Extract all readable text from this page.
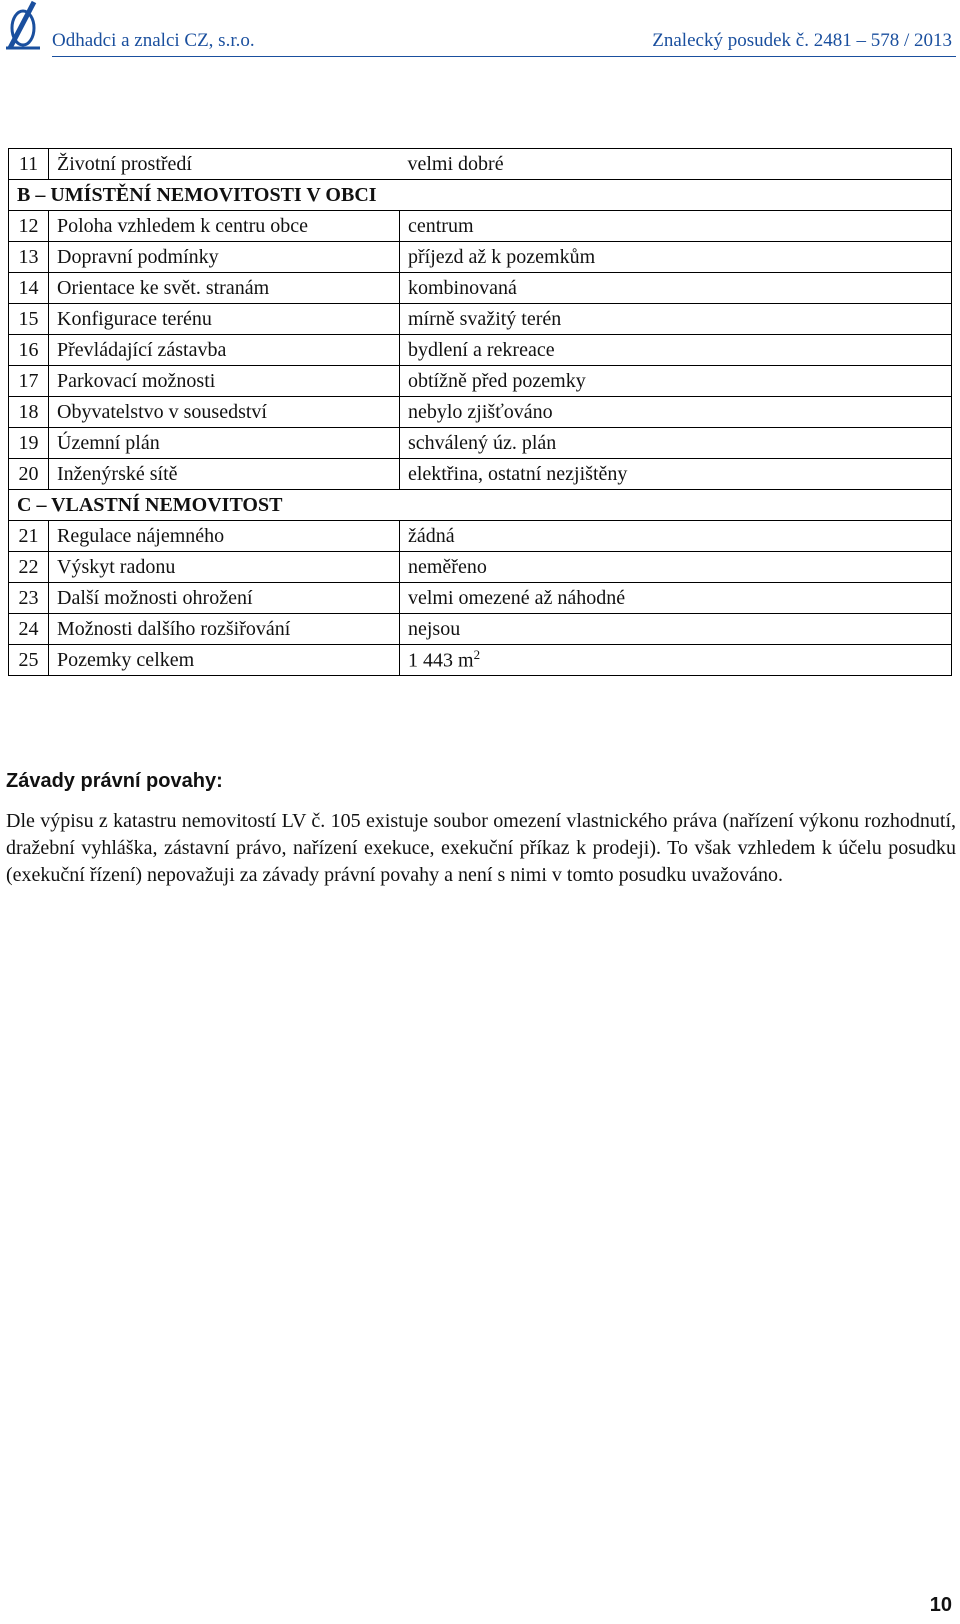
Odhadci a znalci CZ, s.r.o.	Znalecký posudek č. 2481 – 578 / 2013
11	Životní prostředí	velmi dobré
B – UMÍSTĚNÍ NEMOVITOSTI V OBCI		
12	Poloha vzhledem k centru obce	centrum
13	Dopravní podmínky	příjezd až k pozemkům
14	Orientace ke svět. stranám	kombinovaná
15	Konfigurace terénu	mírně svažitý terén
16	Převládající zástavba	bydlení a rekreace
17	Parkovací možnosti	obtížně před pozemky
18	Obyvatelstvo v sousedství	nebylo zjišťováno
19	Územní plán	schválený úz. plán
20	Inženýrské sítě	elektřina, ostatní nezjištěny
C – VLASTNÍ NEMOVITOST		
21	Regulace nájemného	žádná
22	Výskyt radonu	neměřeno
23	Další možnosti ohrožení	velmi omezené až náhodné
24	Možnosti dalšího rozšiřování	nejsou
25	Pozemky celkem	1 443 $m^2$
Závady právní povahy:
Dle výpisu z katastru nemovitostí LV č. 105 existuje soubor omezení vlastnického práva (nařízení výkonu rozhodnutí, dražební vyhláška, zástavní právo, nařízení exekuce, exekuční příkaz k prodeji). To však vzhledem k účelu posudku (exekuční řízení) nepovažuji za závady právní povahy a není s nimi v tomto posudku uvažováno.
10
